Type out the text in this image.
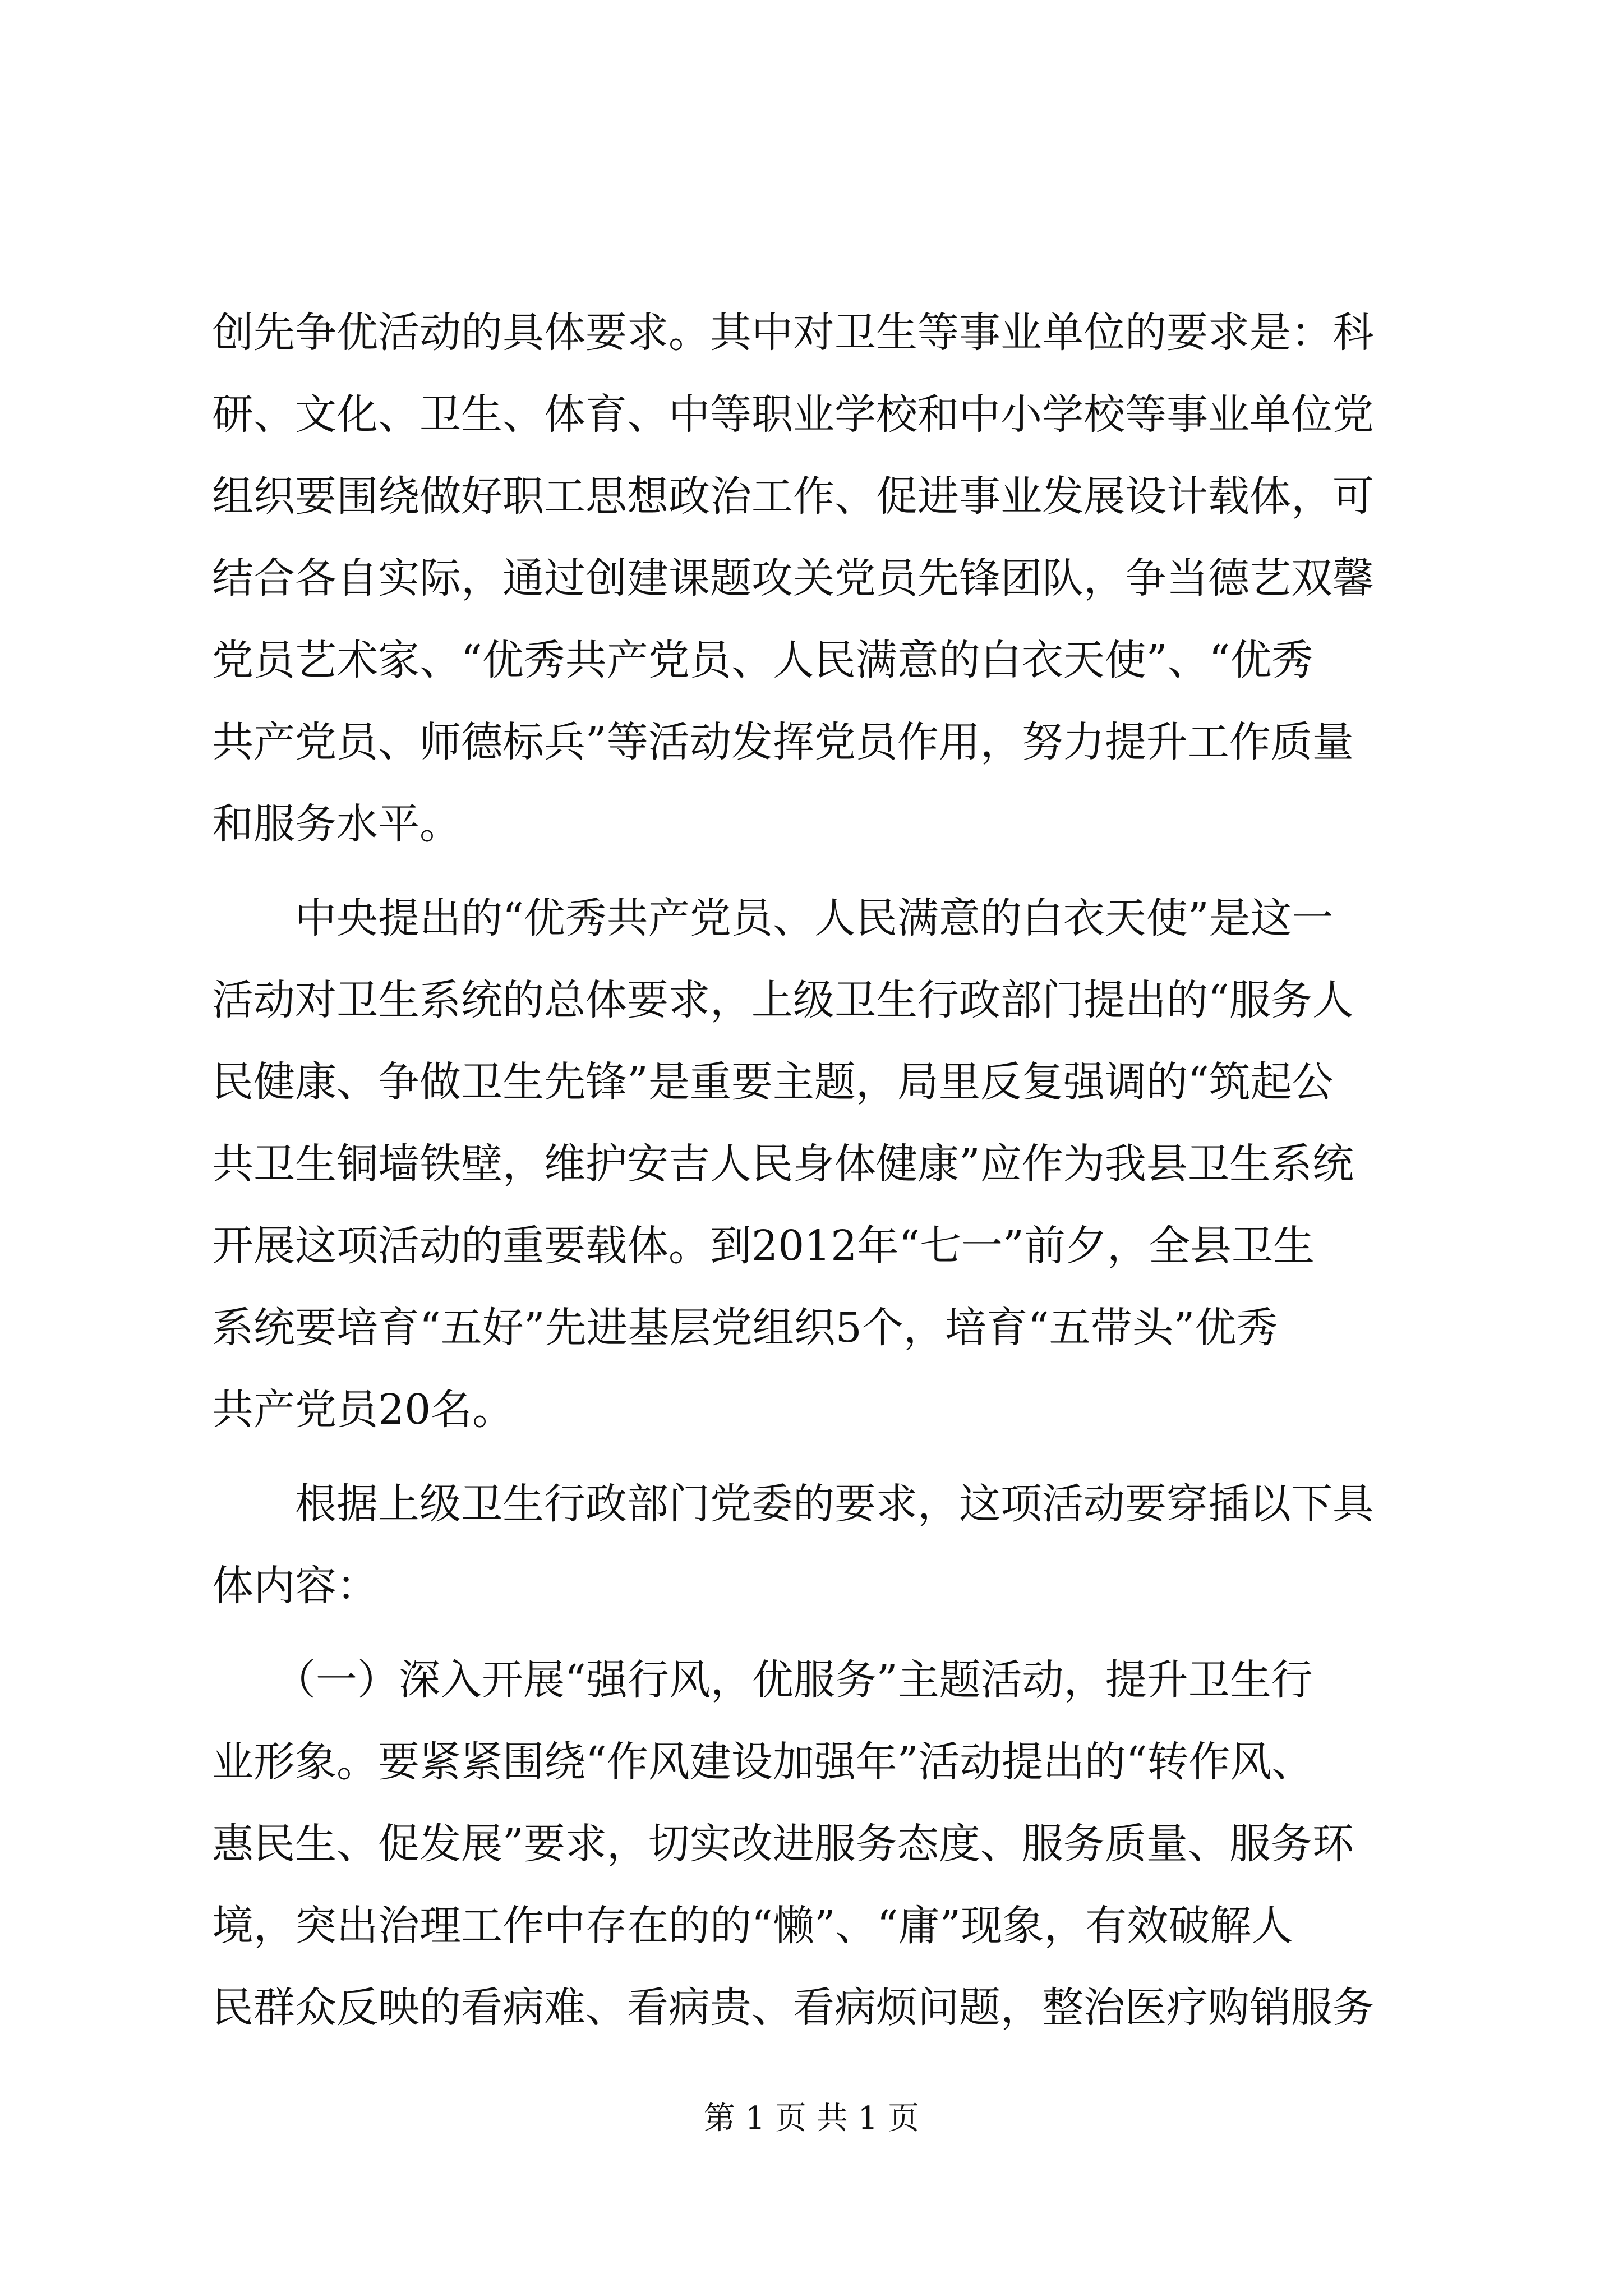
创先争优活动的具体要求。其中对卫生等事业单位的要求是：科
研、文化、卫生、体育、中等职业学校和中小学校等事业单位党
组织要围绕做好职工思想政治工作、促进事业发展设计载体，可
结合各自实际，通过创建课题攻关党员先锋团队，争当德艺双馨
党员艺术家、“优秀共产党员、人民满意的白衣天使”、“优秀
共产党员、师德标兵”等活动发挥党员作用，努力提升工作质量
和服务水平。
　　中央提出的“优秀共产党员、人民满意的白衣天使”是这一
活动对卫生系统的总体要求，上级卫生行政部门提出的“服务人
民健康、争做卫生先锋”是重要主题，局里反复强调的“筑起公
共卫生铜墙铁壁，维护安吉人民身体健康”应作为我县卫生系统
开展这项活动的重要载体。到2012年“七一”前夕，全县卫生
系统要培育“五好”先进基层党组织5个，培育“五带头”优秀
共产党员20名。
　　根据上级卫生行政部门党委的要求，这项活动要穿插以下具
体内容：
　　（一）深入开展“强行风，优服务”主题活动，提升卫生行
业形象。要紧紧围绕“作风建设加强年”活动提出的“转作风、
惠民生、促发展”要求，切实改进服务态度、服务质量、服务环
境，突出治理工作中存在的的“懒”、“庸”现象，有效破解人
民群众反映的看病难、看病贵、看病烦问题，整治医疗购销服务
第 1 页 共 1 页
